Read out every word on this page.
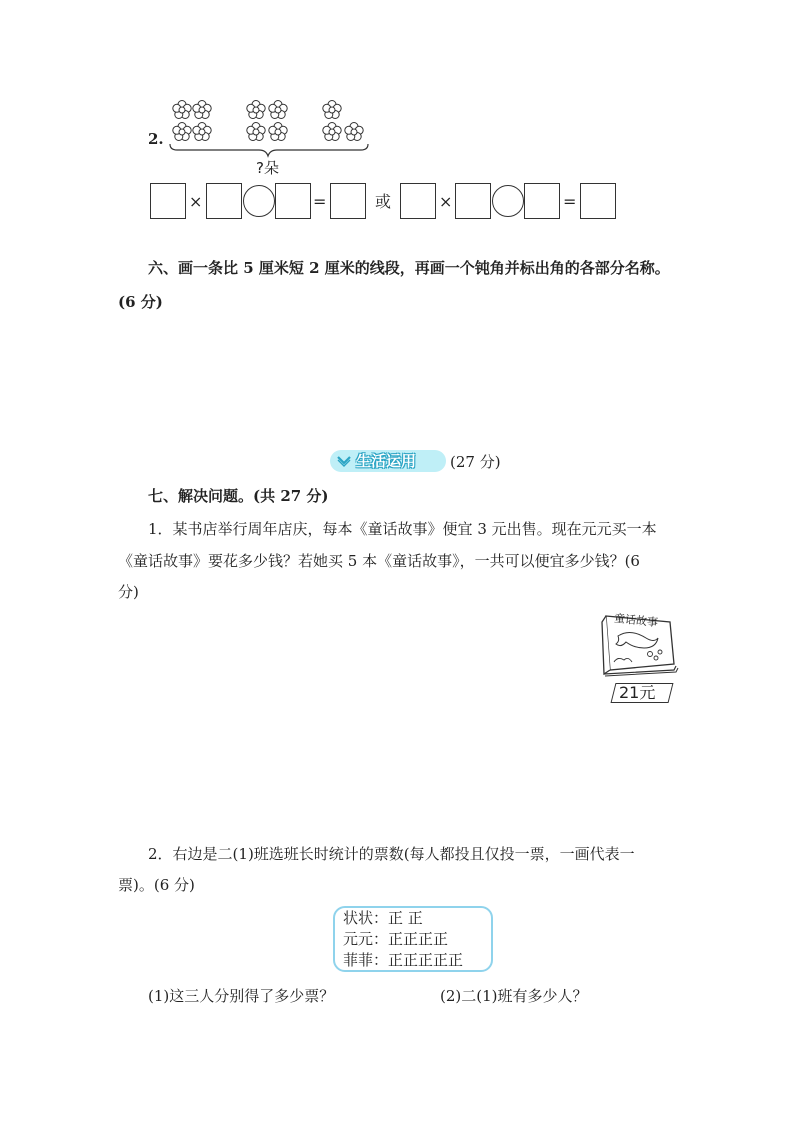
2.
?朵
×	=	或	×	=
六、画一条比 5 厘米短 2 厘米的线段，再画一个钝角并标出角的各部分名称。
(6 分)
生活运用 (27 分)
七、解决问题。(共 27 分)
1．某书店举行周年店庆，每本《童话故事》便宜 3 元出售。现在元元买一本
《童话故事》要花多少钱？若她买 5 本《童话故事》，一共可以便宜多少钱？(6
分)
童话故事
21元
2．右边是二(1)班选班长时统计的票数(每人都投且仅投一票，一画代表一
票)。(6 分)
状状：正 正
元元：正正正正
菲菲：正正正正正
(1)这三人分别得了多少票？	(2)二(1)班有多少人？
